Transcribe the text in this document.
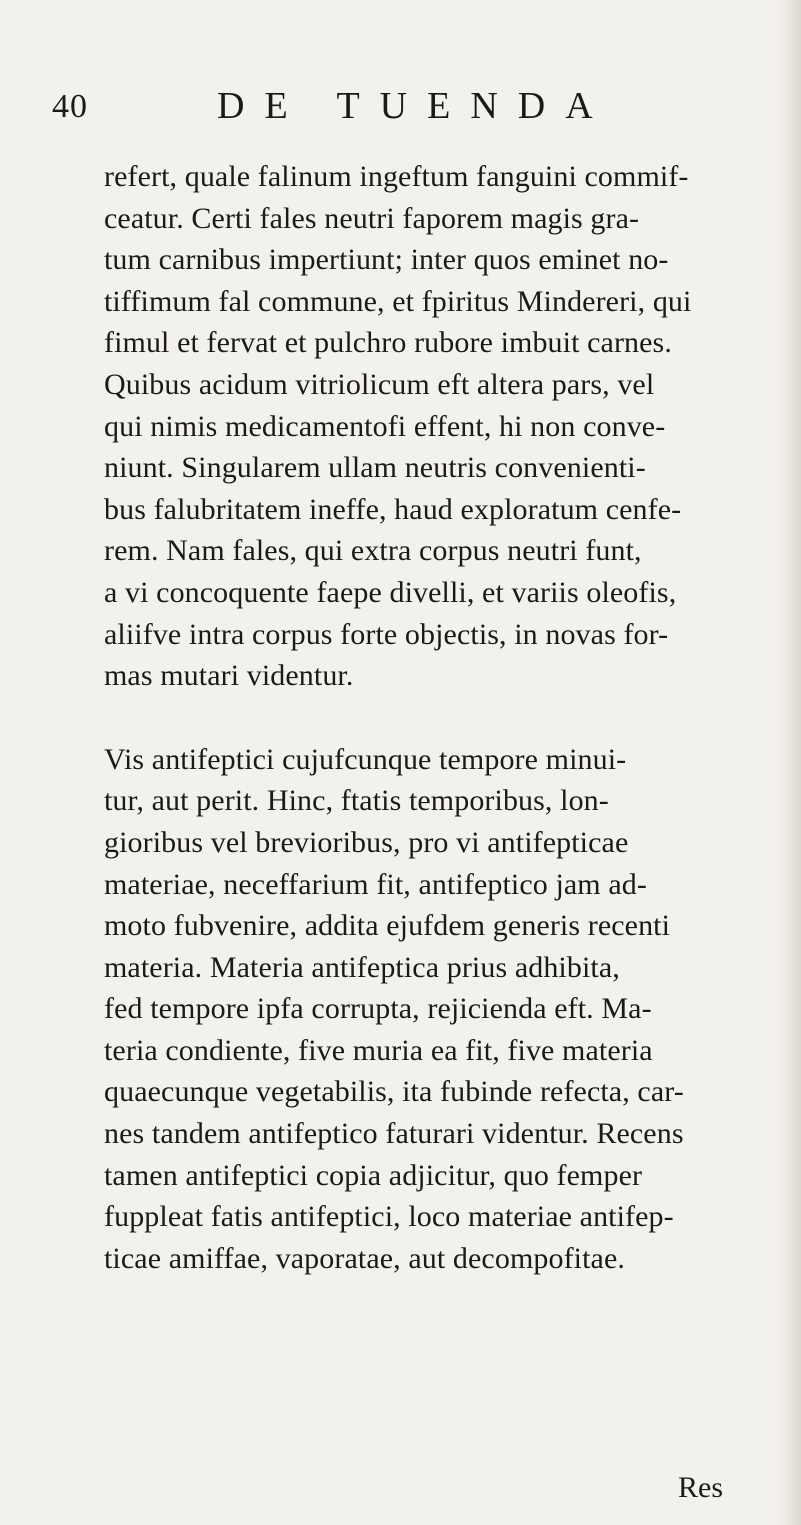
40	DE TUENDA
refert, quale falinum ingeftum fanguini commif-
ceatur. Certi fales neutri faporem magis gra-
tum carnibus impertiunt; inter quos eminet no-
tiffimum fal commune, et fpiritus Mindereri, qui
fimul et fervat et pulchro rubore imbuit carnes.
Quibus acidum vitriolicum eft altera pars, vel
qui nimis medicamentofi effent, hi non conve-
niunt. Singularem ullam neutris convenienti-
bus falubritatem ineffe, haud exploratum cenfe-
rem. Nam fales, qui extra corpus neutri funt,
a vi concoquente faepe divelli, et variis oleofis,
aliifve intra corpus forte objectis, in novas for-
mas mutari videntur.
Vis antifeptici cujufcunque tempore minui-
tur, aut perit. Hinc, ftatis temporibus, lon-
gioribus vel brevioribus, pro vi antifepticae
materiae, neceffarium fit, antifeptico jam ad-
moto fubvenire, addita ejufdem generis recenti
materia. Materia antifeptica prius adhibita,
fed tempore ipfa corrupta, rejicienda eft. Ma-
teria condiente, five muria ea fit, five materia
quaecunque vegetabilis, ita fubinde refecta, car-
nes tandem antifeptico faturari videntur. Recens
tamen antifeptici copia adjicitur, quo femper
fuppleat fatis antifeptici, loco materiae antifep-
ticae amiffae, vaporatae, aut decompofitae.
Res
